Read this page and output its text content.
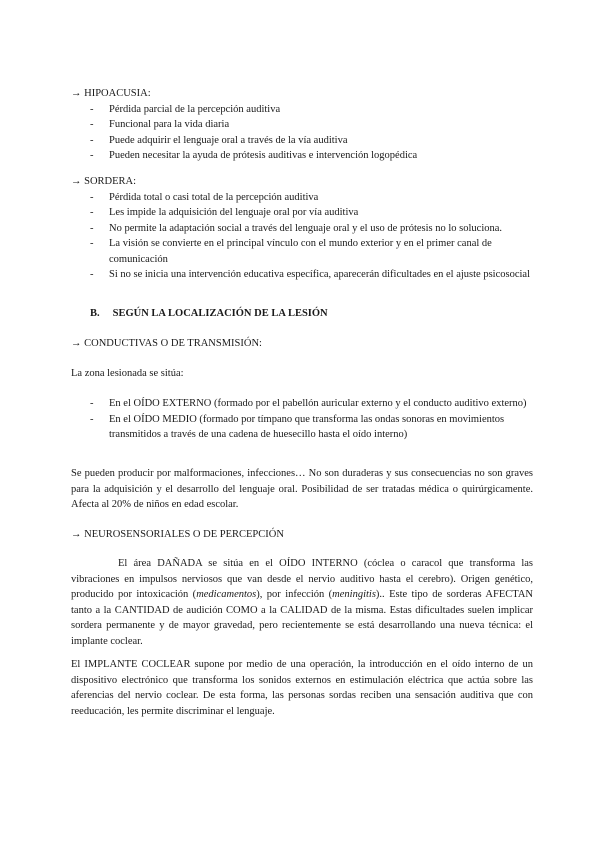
→ HIPOACUSIA:
- Pérdida parcial de la percepción auditiva
- Funcional para la vida diaria
- Puede adquirir el lenguaje oral a través de la vía auditiva
- Pueden necesitar la ayuda de prótesis auditivas e intervención logopédica
→ SORDERA:
- Pérdida total o casi total de la percepción auditiva
- Les impide la adquisición del lenguaje oral por vía auditiva
- No permite la adaptación social a través del lenguaje oral y el uso de prótesis no lo soluciona.
- La visión se convierte en el principal vínculo con el mundo exterior y en el primer canal de comunicación
- Si no se inicia una intervención educativa específica, aparecerán dificultades en el ajuste psicosocial
B. SEGÚN LA LOCALIZACIÓN DE LA LESIÓN
→ CONDUCTIVAS O DE TRANSMISIÓN:
La zona lesionada se sitúa:
- En el OÍDO EXTERNO (formado por el pabellón auricular externo y el conducto auditivo externo)
- En el OÍDO MEDIO (formado por tímpano que transforma las ondas sonoras en movimientos transmitidos a través de una cadena de huesecillo hasta el oído interno)

Se pueden producir por malformaciones, infecciones… No son duraderas y sus consecuencias no son graves para la adquisición y el desarrollo del lenguaje oral. Posibilidad de ser tratadas médica o quirúrgicamente. Afecta al 20% de niños en edad escolar.

→ NEUROSENSORIALES O DE PERCEPCIÓN

El área DAÑADA se sitúa en el OÍDO INTERNO (cóclea o caracol que transforma las vibraciones en impulsos nerviosos que van desde el nervio auditivo hasta el cerebro). Origen genético, producido por intoxicación (medicamentos), por infección (meningitis).. Este tipo de sorderas AFECTAN tanto a la CANTIDAD de audición COMO a la CALIDAD de la misma. Estas dificultades suelen implicar sordera permanente y de mayor gravedad, pero recientemente se está desarrollando una nueva técnica: el implante coclear.

El IMPLANTE COCLEAR supone por medio de una operación, la introducción en el oído interno de un dispositivo electrónico que transforma los sonidos externos en estimulación eléctrica que actúa sobre las aferencias del nervio coclear. De esta forma, las personas sordas reciben una sensación auditiva que con reeducación, les permite discriminar el lenguaje.
